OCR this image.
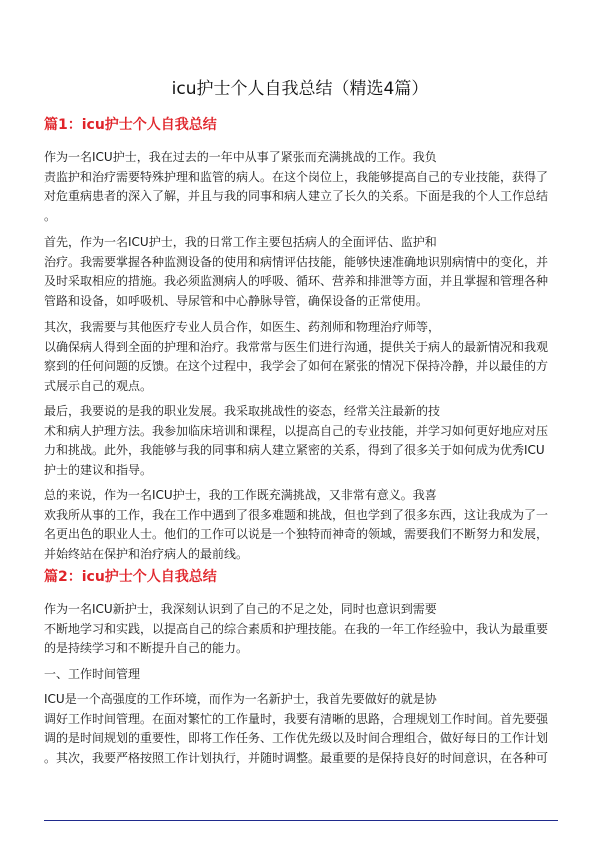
icu护士个人自我总结（精选4篇）
篇1：icu护士个人自我总结
作为一名ICU护士，我在过去的一年中从事了紧张而充满挑战的工作。我负
责监护和治疗需要特殊护理和监管的病人。在这个岗位上，我能够提高自己的专业技能，获得了
对危重病患者的深入了解，并且与我的同事和病人建立了长久的关系。下面是我的个人工作总结
。
首先，作为一名ICU护士，我的日常工作主要包括病人的全面评估、监护和
治疗。我需要掌握各种监测设备的使用和病情评估技能，能够快速准确地识别病情中的变化，并
及时采取相应的措施。我必须监测病人的呼吸、循环、营养和排泄等方面，并且掌握和管理各种
管路和设备，如呼吸机、导尿管和中心静脉导管，确保设备的正常使用。
其次，我需要与其他医疗专业人员合作，如医生、药剂师和物理治疗师等，
以确保病人得到全面的护理和治疗。我常常与医生们进行沟通，提供关于病人的最新情况和我观
察到的任何问题的反馈。在这个过程中，我学会了如何在紧张的情况下保持冷静，并以最佳的方
式展示自己的观点。
最后，我要说的是我的职业发展。我采取挑战性的姿态，经常关注最新的技
术和病人护理方法。我参加临床培训和课程，以提高自己的专业技能，并学习如何更好地应对压
力和挑战。此外，我能够与我的同事和病人建立紧密的关系，得到了很多关于如何成为优秀ICU
护士的建议和指导。
总的来说，作为一名ICU护士，我的工作既充满挑战，又非常有意义。我喜
欢我所从事的工作，我在工作中遇到了很多难题和挑战，但也学到了很多东西，这让我成为了一
名更出色的职业人士。他们的工作可以说是一个独特而神奇的领域，需要我们不断努力和发展，
并始终站在保护和治疗病人的最前线。
篇2：icu护士个人自我总结
作为一名ICU新护士，我深刻认识到了自己的不足之处，同时也意识到需要
不断地学习和实践，以提高自己的综合素质和护理技能。在我的一年工作经验中，我认为最重要
的是持续学习和不断提升自己的能力。
一、工作时间管理
ICU是一个高强度的工作环境，而作为一名新护士，我首先要做好的就是协
调好工作时间管理。在面对繁忙的工作量时，我要有清晰的思路，合理规划工作时间。首先要强
调的是时间规划的重要性，即将工作任务、工作优先级以及时间合理组合，做好每日的工作计划
。其次，我要严格按照工作计划执行，并随时调整。最重要的是保持良好的时间意识，在各种可
